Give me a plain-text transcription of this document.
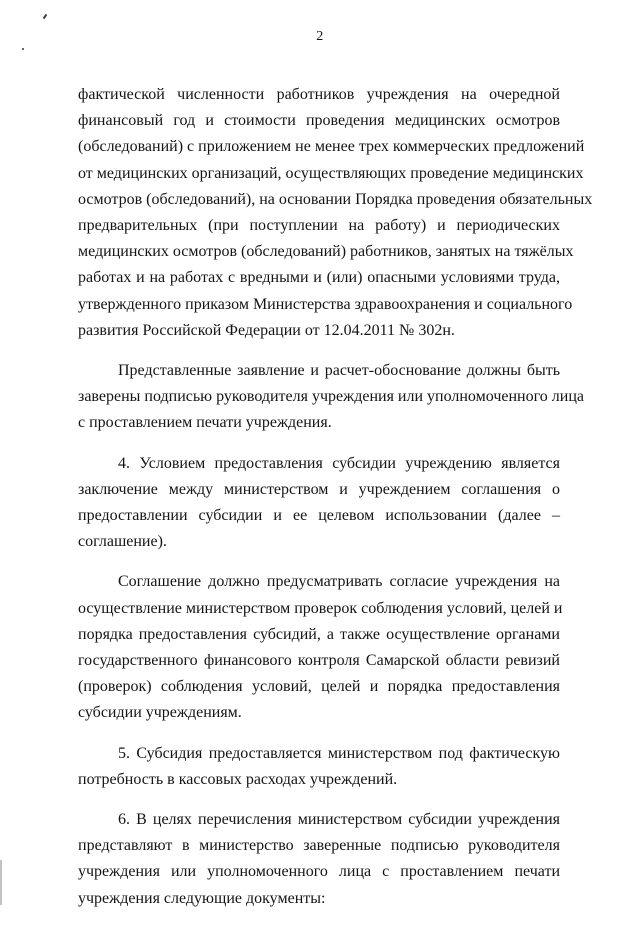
2
фактической численности работников учреждения на очередной
финансовый год и стоимости проведения медицинских осмотров
(обследований) с приложением не менее трех коммерческих предложений
от медицинских организаций, осуществляющих проведение медицинских
осмотров (обследований), на основании Порядка проведения обязательных
предварительных (при поступлении на работу) и периодических
медицинских осмотров (обследований) работников, занятых на тяжёлых
работах и на работах с вредными и (или) опасными условиями труда,
утвержденного приказом Министерства здравоохранения и социального
развития Российской Федерации от 12.04.2011 № 302н.
Представленные заявление и расчет-обоснование должны быть
заверены подписью руководителя учреждения или уполномоченного лица
с проставлением печати учреждения.
4. Условием предоставления субсидии учреждению является
заключение между министерством и учреждением соглашения о
предоставлении субсидии и ее целевом использовании (далее –
соглашение).
Соглашение должно предусматривать согласие учреждения на
осуществление министерством проверок соблюдения условий, целей и
порядка предоставления субсидий, а также осуществление органами
государственного финансового контроля Самарской области ревизий
(проверок) соблюдения условий, целей и порядка предоставления
субсидии учреждениям.
5. Субсидия предоставляется министерством под фактическую
потребность в кассовых расходах учреждений.
6. В целях перечисления министерством субсидии учреждения
представляют в министерство заверенные подписью руководителя
учреждения или уполномоченного лица с проставлением печати
учреждения следующие документы:
